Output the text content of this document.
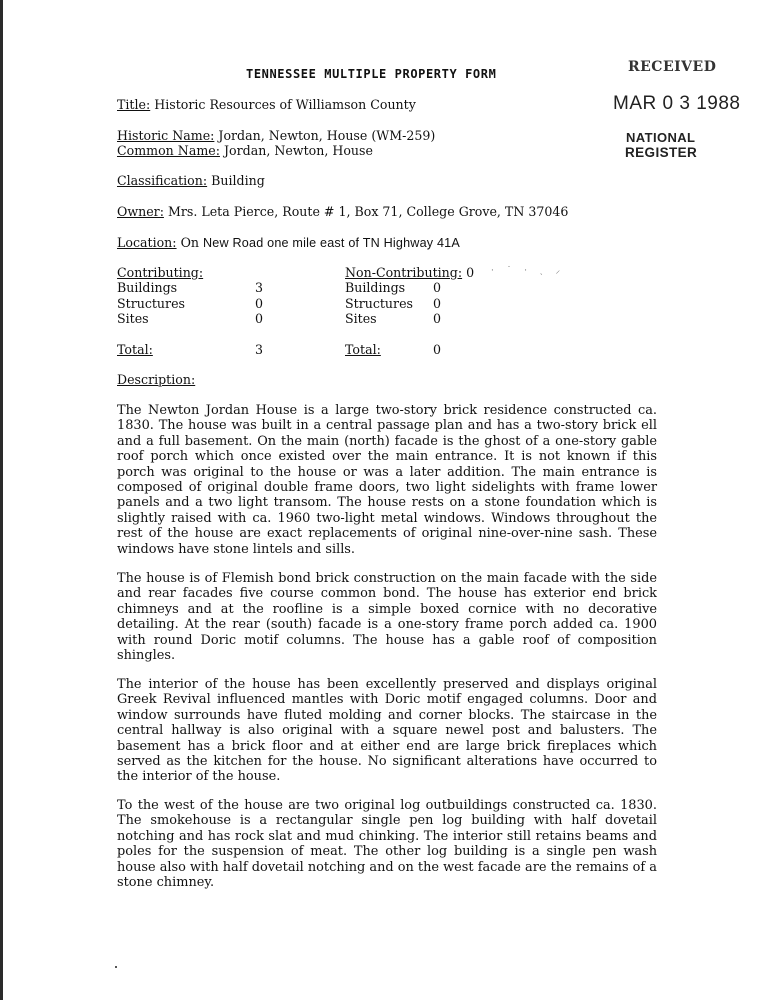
TENNESSEE MULTIPLE PROPERTY FORM	RECEIVED
MAR 0 3 1988
NATIONAL
REGISTER
Title: Historic Resources of Williamson County
Historic Name: Jordan, Newton, House (WM-259)
Common Name: Jordan, Newton, House
Classification: Building
Owner: Mrs. Leta Pierce, Route # 1, Box 71, College Grove, TN 37046
Location: On New Road one mile east of TN Highway 41A
Contributing:	Non-Contributing: 0 · ˙ · ˎ ⸝
Buildings	3	Buildings 0
Structures	0	Structures 0
Sites	0	Sites	0
Total:	3	Total:	0
Description:

The Newton Jordan House is a large two-story brick residence constructed ca. 1830. The house was built in a central passage plan and has a two-story brick ell and a full basement. On the main (north) facade is the ghost of a one-story gable roof porch which once existed over the main entrance. It is not known if this porch was original to the house or was a later addition. The main entrance is composed of original double frame doors, two light sidelights with frame lower panels and a two light transom. The house rests on a stone foundation which is slightly raised with ca. 1960 two-light metal windows. Windows throughout the rest of the house are exact replacements of original nine-over-nine sash. These windows have stone lintels and sills.

The house is of Flemish bond brick construction on the main facade with the side and rear facades five course common bond. The house has exterior end brick chimneys and at the roofline is a simple boxed cornice with no decorative detailing. At the rear (south) facade is a one-story frame porch added ca. 1900 with round Doric motif columns. The house has a gable roof of composition shingles.

The interior of the house has been excellently preserved and displays original Greek Revival influenced mantles with Doric motif engaged columns. Door and window surrounds have fluted molding and corner blocks. The staircase in the central hallway is also original with a square newel post and balusters. The basement has a brick floor and at either end are large brick fireplaces which served as the kitchen for the house. No significant alterations have occurred to the interior of the house.

To the west of the house are two original log outbuildings constructed ca. 1830. The smokehouse is a rectangular single pen log building with half dovetail notching and has rock slat and mud chinking. The interior still retains beams and poles for the suspension of meat. The other log building is a single pen wash house also with half dovetail notching and on the west facade are the remains of a stone chimney.
